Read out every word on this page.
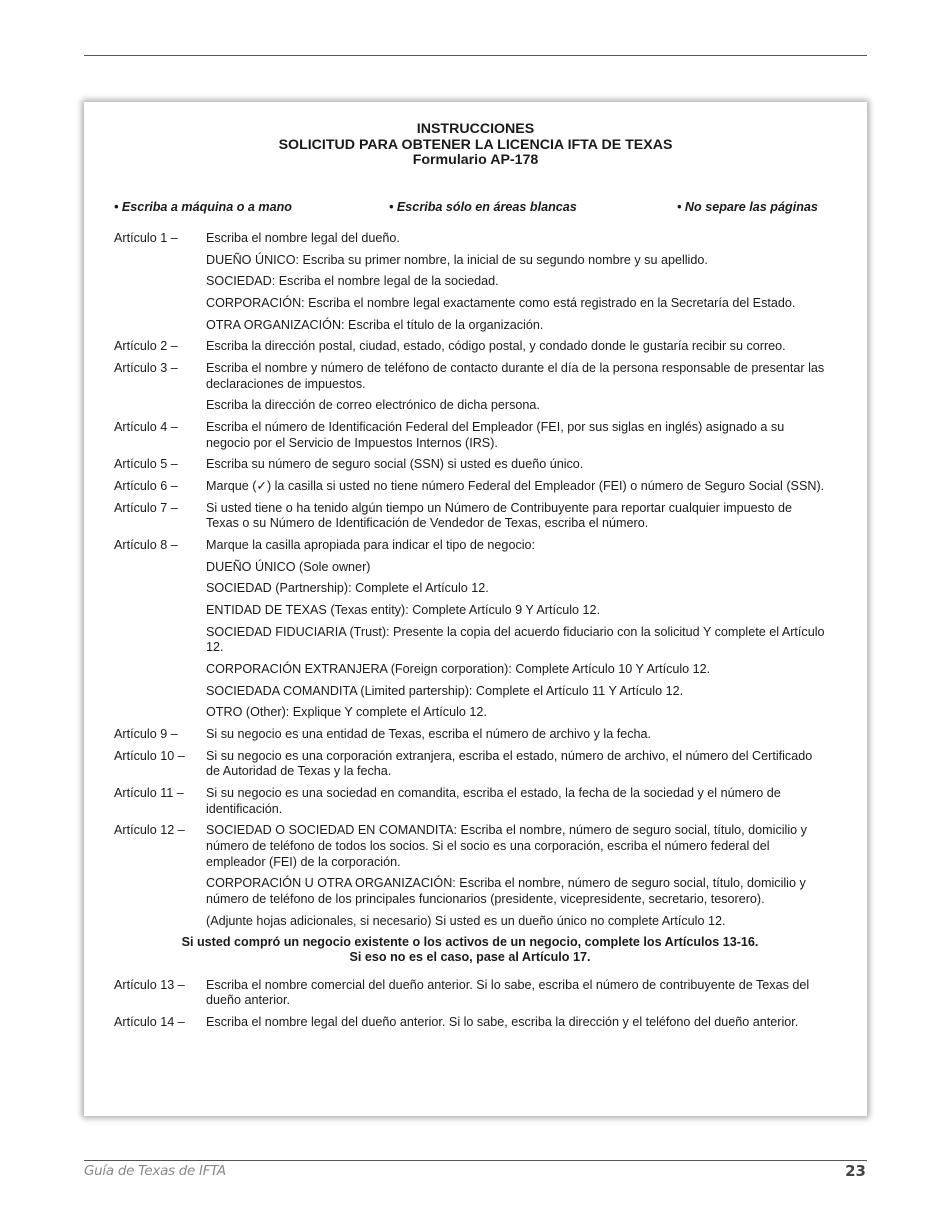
INSTRUCCIONES
SOLICITUD PARA OBTENER LA LICENCIA IFTA DE TEXAS
Formulario AP-178
• Escriba a máquina o a mano	• Escriba sólo en áreas blancas	• No separe las páginas
Artículo 1 –	Escriba el nombre legal del dueño.
DUEÑO ÚNICO: Escriba su primer nombre, la inicial de su segundo nombre y su apellido.
SOCIEDAD: Escriba el nombre legal de la sociedad.
CORPORACIÓN: Escriba el nombre legal exactamente como está registrado en la Secretaría del Estado.
OTRA ORGANIZACIÓN: Escriba el título de la organización.
Artículo 2 –	Escriba la dirección postal, ciudad, estado, código postal, y condado donde le gustaría recibir su correo.
Artículo 3 –	Escriba el nombre y número de teléfono de contacto durante el día de la persona responsable de presentar las declaraciones de impuestos.
Escriba la dirección de correo electrónico de dicha persona.
Artículo 4 –	Escriba el número de Identificación Federal del Empleador (FEI, por sus siglas en inglés) asignado a su negocio por el Servicio de Impuestos Internos (IRS).
Artículo 5 –	Escriba su número de seguro social (SSN) si usted es dueño único.
Artículo 6 –	Marque (✓) la casilla si usted no tiene número Federal del Empleador (FEI) o número de Seguro Social (SSN).
Artículo 7 –	Si usted tiene o ha tenido algún tiempo un Número de Contribuyente para reportar cualquier impuesto de Texas o su Número de Identificación de Vendedor de Texas, escriba el número.
Artículo 8 –	Marque la casilla apropiada para indicar el tipo de negocio:
DUEÑO ÚNICO (Sole owner)
SOCIEDAD (Partnership): Complete el Artículo 12.
ENTIDAD DE TEXAS (Texas entity): Complete Artículo 9 Y Artículo 12.
SOCIEDAD FIDUCIARIA (Trust): Presente la copia del acuerdo fiduciario con la solicitud Y complete el Artículo 12.
CORPORACIÓN EXTRANJERA (Foreign corporation): Complete Artículo 10 Y Artículo 12.
SOCIEDADA COMANDITA (Limited partership): Complete el Artículo 11 Y Artículo 12.
OTRO (Other): Explique Y complete el Artículo 12.
Artículo 9 –	Si su negocio es una entidad de Texas, escriba el número de archivo y la fecha.
Artículo 10 –	Si su negocio es una corporación extranjera, escriba el estado, número de archivo, el número del Certificado de Autoridad de Texas y la fecha.
Artículo 11 –	Si su negocio es una sociedad en comandita, escriba el estado, la fecha de la sociedad y el número de identificación.
Artículo 12 –	SOCIEDAD O SOCIEDAD EN COMANDITA: Escriba el nombre, número de seguro social, título, domicilio y número de teléfono de todos los socios. Si el socio es una corporación, escriba el número federal del empleador (FEI) de la corporación.
CORPORACIÓN U OTRA ORGANIZACIÓN: Escriba el nombre, número de seguro social, título, domicilio y número de teléfono de los principales funcionarios (presidente, vicepresidente, secretario, tesorero).
(Adjunte hojas adicionales, si necesario) Si usted es un dueño único no complete Artículo 12.
Si usted compró un negocio existente o los activos de un negocio, complete los Artículos 13-16.
Si eso no es el caso, pase al Artículo 17.
Artículo 13 –	Escriba el nombre comercial del dueño anterior. Si lo sabe, escriba el número de contribuyente de Texas del dueño anterior.
Artículo 14 –	Escriba el nombre legal del dueño anterior. Si lo sabe, escriba la dirección y el teléfono del dueño anterior.
Guía de Texas de IFTA	23
